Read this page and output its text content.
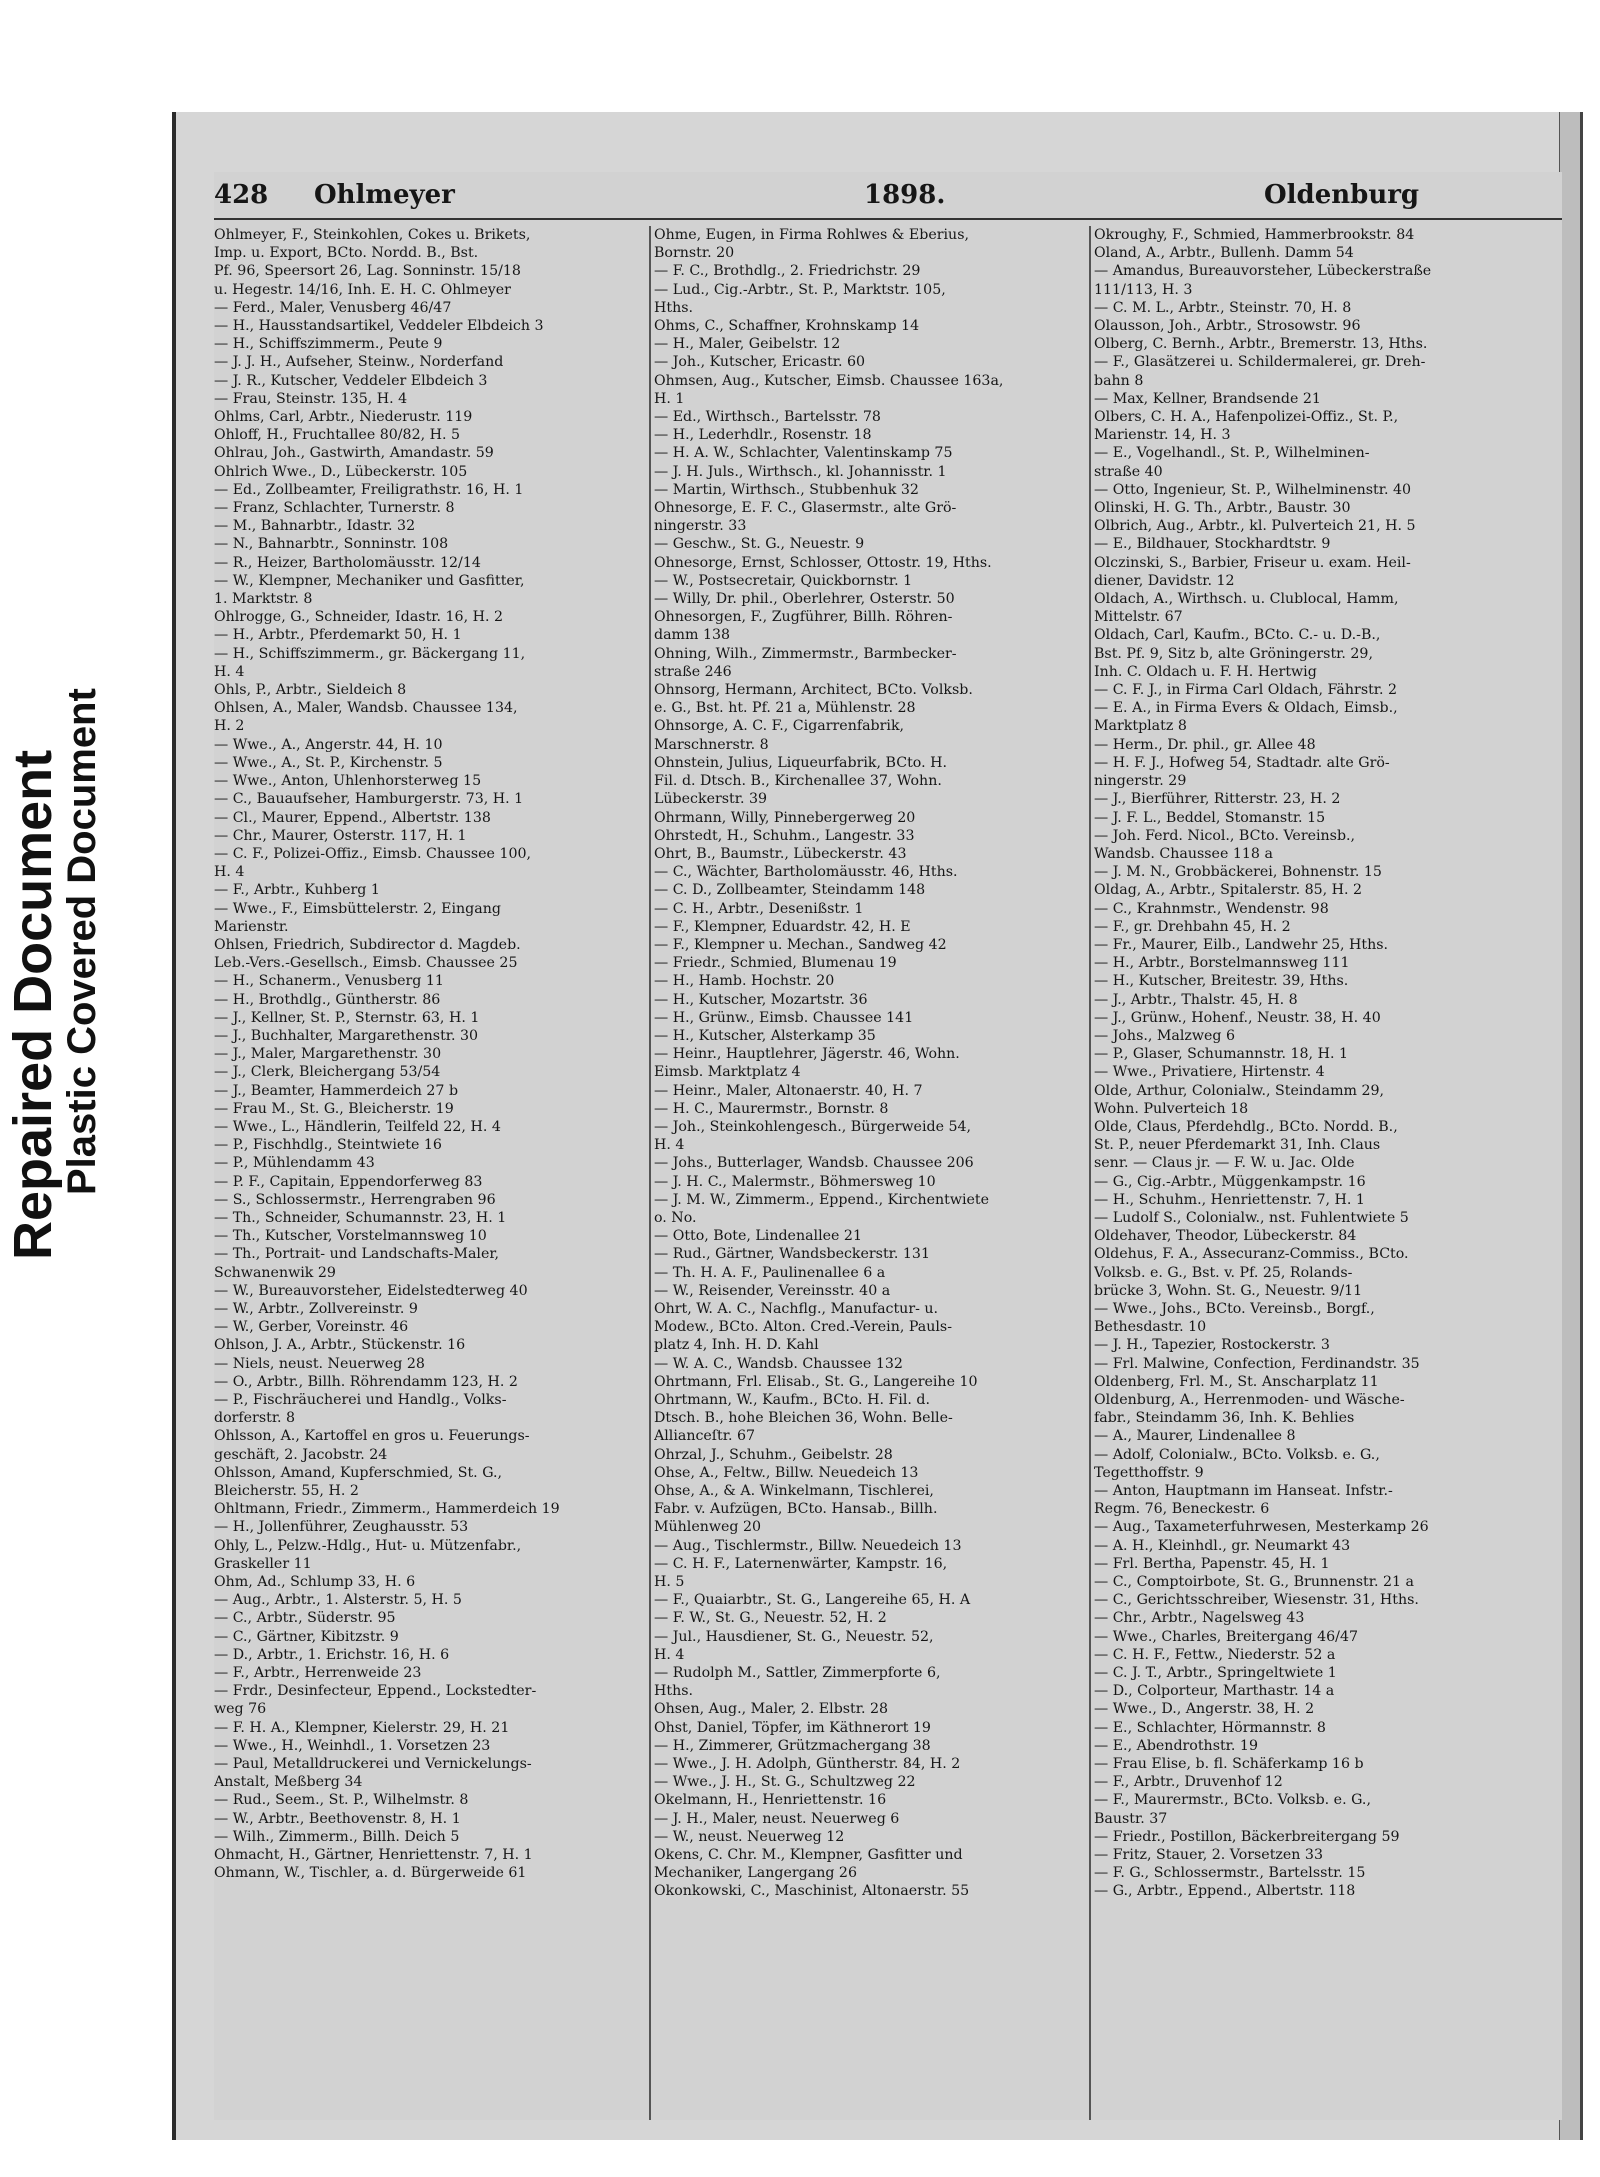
Repaired Document
Plastic Covered Document
428 Ohlmeyer	1898.	Oldenburg
Ohlmeyer, F., Steinkohlen, Cokes u. Brikets,
Imp. u. Export, BCto. Nordd. B., Bst.
Pf. 96, Speersort 26, Lag. Sonninstr. 15/18
u. Hegestr. 14/16, Inh. E. H. C. Ohlmeyer
— Ferd., Maler, Venusberg 46/47
— H., Hausstandsartikel, Veddeler Elbdeich 3
— H., Schiffszimmerm., Peute 9
— J. J. H., Aufseher, Steinw., Norderfand
— J. R., Kutscher, Veddeler Elbdeich 3
— Frau, Steinstr. 135, H. 4
Ohlms, Carl, Arbtr., Niederustr. 119
Ohloff, H., Fruchtallee 80/82, H. 5
Ohlrau, Joh., Gastwirth, Amandastr. 59
Ohlrich Wwe., D., Lübeckerstr. 105
— Ed., Zollbeamter, Freiligrathstr. 16, H. 1
— Franz, Schlachter, Turnerstr. 8
— M., Bahnarbtr., Idastr. 32
— N., Bahnarbtr., Sonninstr. 108
— R., Heizer, Bartholomäusstr. 12/14
— W., Klempner, Mechaniker und Gasfitter,
1. Marktstr. 8
Ohlrogge, G., Schneider, Idastr. 16, H. 2
— H., Arbtr., Pferdemarkt 50, H. 1
— H., Schiffszimmerm., gr. Bäckergang 11,
H. 4
Ohls, P., Arbtr., Sieldeich 8
Ohlsen, A., Maler, Wandsb. Chaussee 134,
H. 2
— Wwe., A., Angerstr. 44, H. 10
— Wwe., A., St. P., Kirchenstr. 5
— Wwe., Anton, Uhlenhorsterweg 15
— C., Bauaufseher, Hamburgerstr. 73, H. 1
— Cl., Maurer, Eppend., Albertstr. 138
— Chr., Maurer, Osterstr. 117, H. 1
— C. F., Polizei-Offiz., Eimsb. Chaussee 100,
H. 4
— F., Arbtr., Kuhberg 1
— Wwe., F., Eimsbüttelerstr. 2, Eingang
Marienstr.
Ohlsen, Friedrich, Subdirector d. Magdeb.
Leb.-Vers.-Gesellsch., Eimsb. Chaussee 25
— H., Schanerm., Venusberg 11
— H., Brothdlg., Güntherstr. 86
— J., Kellner, St. P., Sternstr. 63, H. 1
— J., Buchhalter, Margarethenstr. 30
— J., Maler, Margarethenstr. 30
— J., Clerk, Bleichergang 53/54
— J., Beamter, Hammerdeich 27 b
— Frau M., St. G., Bleicherstr. 19
— Wwe., L., Händlerin, Teilfeld 22, H. 4
— P., Fischhdlg., Steintwiete 16
— P., Mühlendamm 43
— P. F., Capitain, Eppendorferweg 83
— S., Schlossermstr., Herrengraben 96
— Th., Schneider, Schumannstr. 23, H. 1
— Th., Kutscher, Vorstelmannsweg 10
— Th., Portrait- und Landschafts-Maler,
Schwanenwik 29
— W., Bureauvorsteher, Eidelstedterweg 40
— W., Arbtr., Zollvereinstr. 9
— W., Gerber, Voreinstr. 46
Ohlson, J. A., Arbtr., Stückenstr. 16
— Niels, neust. Neuerweg 28
— O., Arbtr., Billh. Röhrendamm 123, H. 2
— P., Fischräucherei und Handlg., Volks-
dorferstr. 8
Ohlsson, A., Kartoffel en gros u. Feuerungs-
geschäft, 2. Jacobstr. 24
Ohlsson, Amand, Kupferschmied, St. G.,
Bleicherstr. 55, H. 2
Ohltmann, Friedr., Zimmerm., Hammerdeich 19
— H., Jollenführer, Zeughausstr. 53
Ohly, L., Pelzw.-Hdlg., Hut- u. Mützenfabr.,
Graskeller 11
Ohm, Ad., Schlump 33, H. 6
— Aug., Arbtr., 1. Alsterstr. 5, H. 5
— C., Arbtr., Süderstr. 95
— C., Gärtner, Kibitzstr. 9
— D., Arbtr., 1. Erichstr. 16, H. 6
— F., Arbtr., Herrenweide 23
— Frdr., Desinfecteur, Eppend., Lockstedter-
weg 76
— F. H. A., Klempner, Kielerstr. 29, H. 21
— Wwe., H., Weinhdl., 1. Vorsetzen 23
— Paul, Metalldruckerei und Vernickelungs-
Anstalt, Meßberg 34
— Rud., Seem., St. P., Wilhelmstr. 8
— W., Arbtr., Beethovenstr. 8, H. 1
— Wilh., Zimmerm., Billh. Deich 5
Ohmacht, H., Gärtner, Henriettenstr. 7, H. 1
Ohmann, W., Tischler, a. d. Bürgerweide 61
Ohme, Eugen, in Firma Rohlwes & Eberius,
Bornstr. 20
— F. C., Brothdlg., 2. Friedrichstr. 29
— Lud., Cig.-Arbtr., St. P., Marktstr. 105,
Hths.
Ohms, C., Schaffner, Krohnskamp 14
— H., Maler, Geibelstr. 12
— Joh., Kutscher, Ericastr. 60
Ohmsen, Aug., Kutscher, Eimsb. Chaussee 163a,
H. 1
— Ed., Wirthsch., Bartelsstr. 78
— H., Lederhdlr., Rosenstr. 18
— H. A. W., Schlachter, Valentinskamp 75
— J. H. Juls., Wirthsch., kl. Johannisstr. 1
— Martin, Wirthsch., Stubbenhuk 32
Ohnesorge, E. F. C., Glasermstr., alte Grö-
ningerstr. 33
— Geschw., St. G., Neuestr. 9
Ohnesorge, Ernst, Schlosser, Ottostr. 19, Hths.
— W., Postsecretair, Quickbornstr. 1
— Willy, Dr. phil., Oberlehrer, Osterstr. 50
Ohnesorgen, F., Zugführer, Billh. Röhren-
damm 138
Ohning, Wilh., Zimmermstr., Barmbecker-
straße 246
Ohnsorg, Hermann, Architect, BCto. Volksb.
e. G., Bst. ht. Pf. 21 a, Mühlenstr. 28
Ohnsorge, A. C. F., Cigarrenfabrik,
Marschnerstr. 8
Ohnstein, Julius, Liqueurfabrik, BCto. H.
Fil. d. Dtsch. B., Kirchenallee 37, Wohn.
Lübeckerstr. 39
Ohrmann, Willy, Pinnebergerweg 20
Ohrstedt, H., Schuhm., Langestr. 33
Ohrt, B., Baumstr., Lübeckerstr. 43
— C., Wächter, Bartholomäusstr. 46, Hths.
— C. D., Zollbeamter, Steindamm 148
— C. H., Arbtr., Desenißstr. 1
— F., Klempner, Eduardstr. 42, H. E
— F., Klempner u. Mechan., Sandweg 42
— Friedr., Schmied, Blumenau 19
— H., Hamb. Hochstr. 20
— H., Kutscher, Mozartstr. 36
— H., Grünw., Eimsb. Chaussee 141
— H., Kutscher, Alsterkamp 35
— Heinr., Hauptlehrer, Jägerstr. 46, Wohn.
Eimsb. Marktplatz 4
— Heinr., Maler, Altonaerstr. 40, H. 7
— H. C., Maurermstr., Bornstr. 8
— Joh., Steinkohlengesch., Bürgerweide 54,
H. 4
— Johs., Butterlager, Wandsb. Chaussee 206
— J. H. C., Malermstr., Böhmersweg 10
— J. M. W., Zimmerm., Eppend., Kirchentwiete
o. No.
— Otto, Bote, Lindenallee 21
— Rud., Gärtner, Wandsbeckerstr. 131
— Th. H. A. F., Paulinenallee 6 a
— W., Reisender, Vereinsstr. 40 a
Ohrt, W. A. C., Nachflg., Manufactur- u.
Modew., BCto. Alton. Cred.-Verein, Pauls-
platz 4, Inh. H. D. Kahl
— W. A. C., Wandsb. Chaussee 132
Ohrtmann, Frl. Elisab., St. G., Langereihe 10
Ohrtmann, W., Kaufm., BCto. H. Fil. d.
Dtsch. B., hohe Bleichen 36, Wohn. Belle-
Allianceſtr. 67
Ohrzal, J., Schuhm., Geibelstr. 28
Ohse, A., Feltw., Billw. Neuedeich 13
Ohse, A., & A. Winkelmann, Tischlerei,
Fabr. v. Aufzügen, BCto. Hansab., Billh.
Mühlenweg 20
— Aug., Tischlermstr., Billw. Neuedeich 13
— C. H. F., Laternenwärter, Kampstr. 16,
H. 5
— F., Quaiarbtr., St. G., Langereihe 65, H. A
— F. W., St. G., Neuestr. 52, H. 2
— Jul., Hausdiener, St. G., Neuestr. 52,
H. 4
— Rudolph M., Sattler, Zimmerpforte 6,
Hths.
Ohsen, Aug., Maler, 2. Elbstr. 28
Ohst, Daniel, Töpfer, im Käthnerort 19
— H., Zimmerer, Grützmachergang 38
— Wwe., J. H. Adolph, Güntherstr. 84, H. 2
— Wwe., J. H., St. G., Schultzweg 22
Okelmann, H., Henriettenstr. 16
— J. H., Maler, neust. Neuerweg 6
— W., neust. Neuerweg 12
Okens, C. Chr. M., Klempner, Gasfitter und
Mechaniker, Langergang 26
Okonkowski, C., Maschinist, Altonaerstr. 55
Okroughy, F., Schmied, Hammerbrookstr. 84
Oland, A., Arbtr., Bullenh. Damm 54
— Amandus, Bureauvorsteher, Lübeckerstraße
111/113, H. 3
— C. M. L., Arbtr., Steinstr. 70, H. 8
Olausson, Joh., Arbtr., Strosowstr. 96
Olberg, C. Bernh., Arbtr., Bremerstr. 13, Hths.
— F., Glasätzerei u. Schildermalerei, gr. Dreh-
bahn 8
— Max, Kellner, Brandsende 21
Olbers, C. H. A., Hafenpolizei-Offiz., St. P.,
Marienstr. 14, H. 3
— E., Vogelhandl., St. P., Wilhelminen-
straße 40
— Otto, Ingenieur, St. P., Wilhelminenstr. 40
Olinski, H. G. Th., Arbtr., Baustr. 30
Olbrich, Aug., Arbtr., kl. Pulverteich 21, H. 5
— E., Bildhauer, Stockhardtstr. 9
Olczinski, S., Barbier, Friseur u. exam. Heil-
diener, Davidstr. 12
Oldach, A., Wirthsch. u. Clublocal, Hamm,
Mittelstr. 67
Oldach, Carl, Kaufm., BCto. C.- u. D.-B.,
Bst. Pf. 9, Sitz b, alte Gröningerstr. 29,
Inh. C. Oldach u. F. H. Hertwig
— C. F. J., in Firma Carl Oldach, Fährstr. 2
— E. A., in Firma Evers & Oldach, Eimsb.,
Marktplatz 8
— Herm., Dr. phil., gr. Allee 48
— H. F. J., Hofweg 54, Stadtadr. alte Grö-
ningerstr. 29
— J., Bierführer, Ritterstr. 23, H. 2
— J. F. L., Beddel, Stomanstr. 15
— Joh. Ferd. Nicol., BCto. Vereinsb.,
Wandsb. Chaussee 118 a
— J. M. N., Grobbäckerei, Bohnenstr. 15
Oldag, A., Arbtr., Spitalerstr. 85, H. 2
— C., Krahnmstr., Wendenstr. 98
— F., gr. Drehbahn 45, H. 2
— Fr., Maurer, Eilb., Landwehr 25, Hths.
— H., Arbtr., Borstelmannsweg 111
— H., Kutscher, Breitestr. 39, Hths.
— J., Arbtr., Thalstr. 45, H. 8
— J., Grünw., Hohenf., Neustr. 38, H. 40
— Johs., Malzweg 6
— P., Glaser, Schumannstr. 18, H. 1
— Wwe., Privatiere, Hirtenstr. 4
Olde, Arthur, Colonialw., Steindamm 29,
Wohn. Pulverteich 18
Olde, Claus, Pferdehdlg., BCto. Nordd. B.,
St. P., neuer Pferdemarkt 31, Inh. Claus
senr. — Claus jr. — F. W. u. Jac. Olde
— G., Cig.-Arbtr., Müggenkampstr. 16
— H., Schuhm., Henriettenstr. 7, H. 1
— Ludolf S., Colonialw., nst. Fuhlentwiete 5
Oldehaver, Theodor, Lübeckerstr. 84
Oldehus, F. A., Assecuranz-Commiss., BCto.
Volksb. e. G., Bst. v. Pf. 25, Rolands-
brücke 3, Wohn. St. G., Neuestr. 9/11
— Wwe., Johs., BCto. Vereinsb., Borgf.,
Bethesdastr. 10
— J. H., Tapezier, Rostockerstr. 3
— Frl. Malwine, Confection, Ferdinandstr. 35
Oldenberg, Frl. M., St. Anscharplatz 11
Oldenburg, A., Herrenmoden- und Wäsche-
fabr., Steindamm 36, Inh. K. Behlies
— A., Maurer, Lindenallee 8
— Adolf, Colonialw., BCto. Volksb. e. G.,
Tegetthoffstr. 9
— Anton, Hauptmann im Hanseat. Infstr.-
Regm. 76, Beneckestr. 6
— Aug., Taxameterfuhrwesen, Mesterkamp 26
— A. H., Kleinhdl., gr. Neumarkt 43
— Frl. Bertha, Papenstr. 45, H. 1
— C., Comptoirbote, St. G., Brunnenstr. 21 a
— C., Gerichtsschreiber, Wiesenstr. 31, Hths.
— Chr., Arbtr., Nagelsweg 43
— Wwe., Charles, Breitergang 46/47
— C. H. F., Fettw., Niederstr. 52 a
— C. J. T., Arbtr., Springeltwiete 1
— D., Colporteur, Marthastr. 14 a
— Wwe., D., Angerstr. 38, H. 2
— E., Schlachter, Hörmannstr. 8
— E., Abendrothstr. 19
— Frau Elise, b. fl. Schäferkamp 16 b
— F., Arbtr., Druvenhof 12
— F., Maurermstr., BCto. Volksb. e. G.,
Baustr. 37
— Friedr., Postillon, Bäckerbreitergang 59
— Fritz, Stauer, 2. Vorsetzen 33
— F. G., Schlossermstr., Bartelsstr. 15
— G., Arbtr., Eppend., Albertstr. 118
